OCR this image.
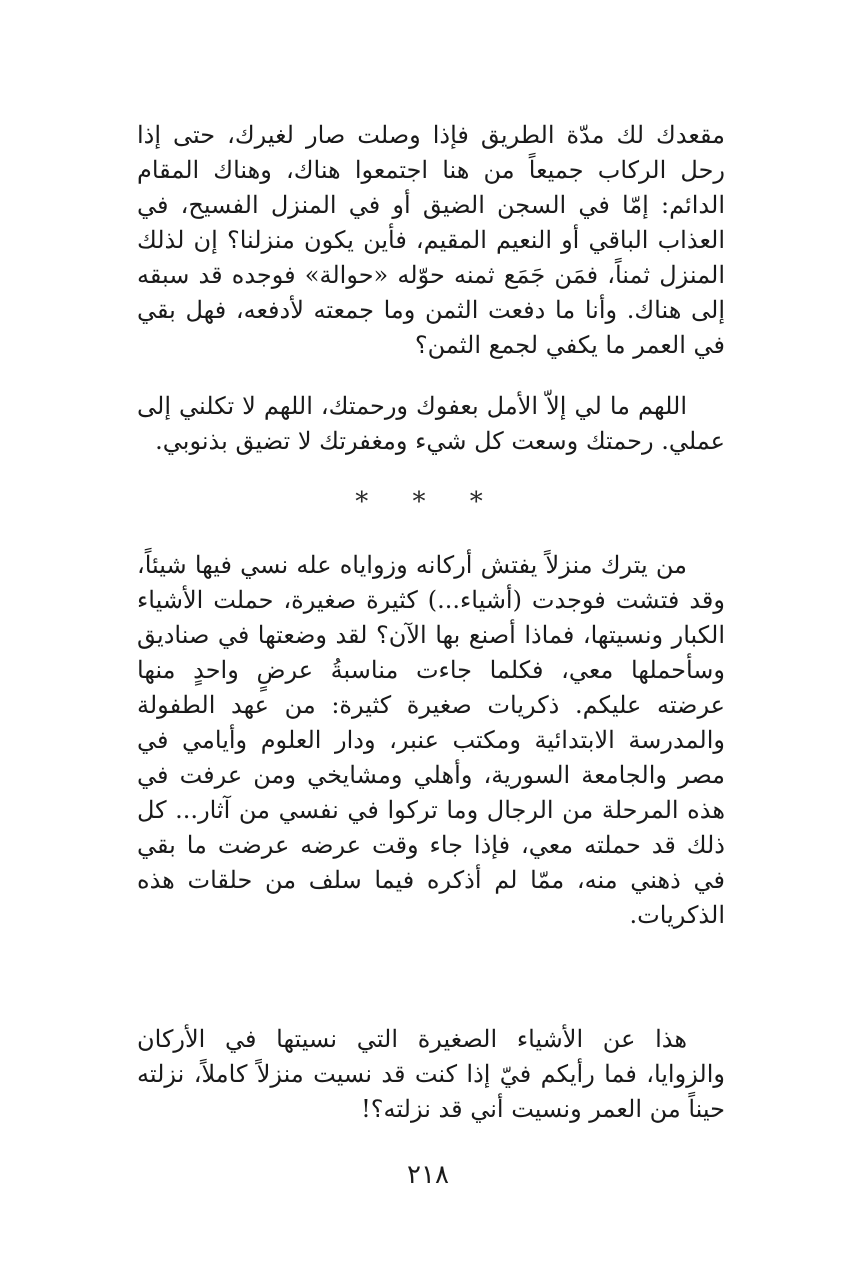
مقعدك لك مدّة الطريق فإذا وصلت صار لغيرك، حتى إذا رحل الركاب جميعاً من هنا اجتمعوا هناك، وهناك المقام الدائم: إمّا في السجن الضيق أو في المنزل الفسيح، في العذاب الباقي أو النعيم المقيم، فأين يكون منزلنا؟ إن لذلك المنزل ثمناً، فمَن جَمَع ثمنه حوّله «حوالة» فوجده قد سبقه إلى هناك. وأنا ما دفعت الثمن وما جمعته لأدفعه، فهل بقي في العمر ما يكفي لجمع الثمن؟

اللهم ما لي إلاّ الأمل بعفوك ورحمتك، اللهم لا تكلني إلى عملي. رحمتك وسعت كل شيء ومغفرتك لا تضيق بذنوبي.

* * *

من يترك منزلاً يفتش أركانه وزواياه عله نسي فيها شيئاً، وقد فتشت فوجدت (أشياء...) كثيرة صغيرة، حملت الأشياء الكبار ونسيتها، فماذا أصنع بها الآن؟ لقد وضعتها في صناديق وسأحملها معي، فكلما جاءت مناسبةُ عرضٍ واحدٍ منها عرضته عليكم. ذكريات صغيرة كثيرة: من عهد الطفولة والمدرسة الابتدائية ومكتب عنبر، ودار العلوم وأيامي في مصر والجامعة السورية، وأهلي ومشايخي ومن عرفت في هذه المرحلة من الرجال وما تركوا في نفسي من آثار... كل ذلك قد حملته معي، فإذا جاء وقت عرضه عرضت ما بقي في ذهني منه، ممّا لم أذكره فيما سلف من حلقات هذه الذكريات.

هذا عن الأشياء الصغيرة التي نسيتها في الأركان والزوايا، فما رأيكم فيّ إذا كنت قد نسيت منزلاً كاملاً، نزلته حيناً من العمر ونسيت أني قد نزلته؟!

٢١٨
